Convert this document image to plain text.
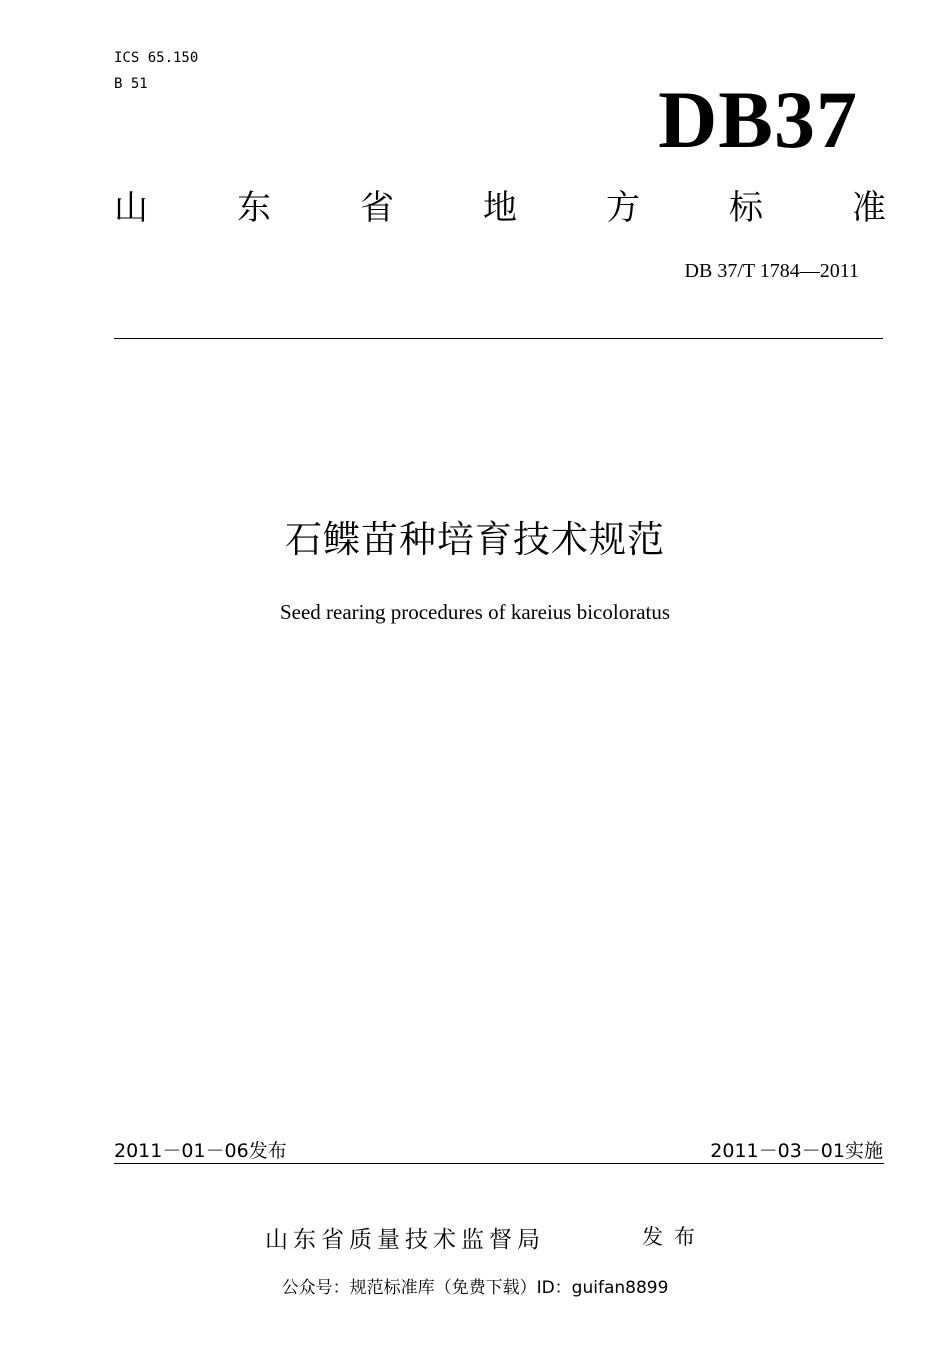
ICS 65.150
B 51	DB37
山	东	省	地	方	标	准
DB 37/T 1784—2011
石鲽苗种培育技术规范
Seed rearing procedures of kareius bicoloratus
2011－01－06发布	2011－03－01实施
山东省质量技术监督局	发布
公众号：规范标准库（免费下载）ID：guifan8899
